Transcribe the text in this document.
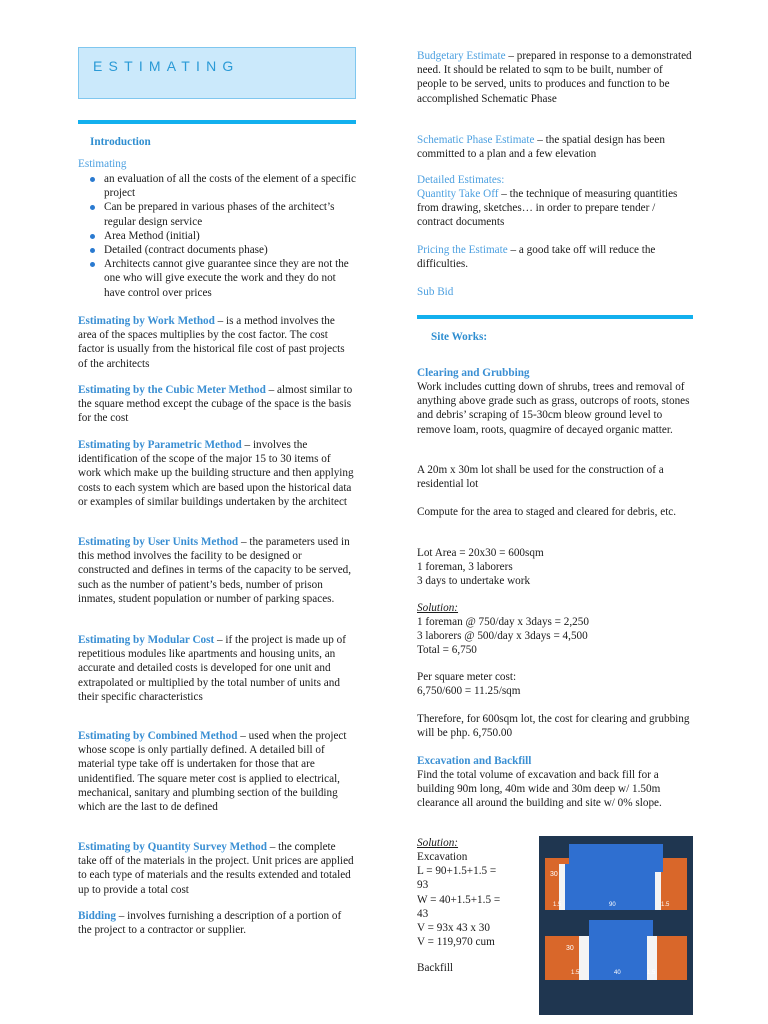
ESTIMATING
Introduction
Estimating
an evaluation of all the costs of the element of a specific project
Can be prepared in various phases of the architect’s regular design service
Area Method (initial)
Detailed (contract documents phase)
Architects cannot give guarantee since they are not the one who will give execute the work and they do not have control over prices

Estimating by Work Method – is a method involves the area of the spaces multiplies by the cost factor. The cost factor is usually from the historical file cost of past projects of the architects

Estimating by the Cubic Meter Method – almost similar to the square method except the cubage of the space is the basis for the cost

Estimating by Parametric Method – involves the identification of the scope of the major 15 to 30 items of work which make up the building structure and then applying costs to each system which are based upon the historical data or examples of similar buildings undertaken by the architect

Estimating by User Units Method – the parameters used in this method involves the facility to be designed or constructed and defines in terms of the capacity to be served, such as the number of patient’s beds, number of prison inmates, student population or number of parking spaces.

Estimating by Modular Cost – if the project is made up of repetitious modules like apartments and housing units, an accurate and detailed costs is developed for one unit and extrapolated or multiplied by the total number of units and their specific characteristics

Estimating by Combined Method – used when the project whose scope is only partially defined. A detailed bill of material type take off is undertaken for those that are unidentified. The square meter cost is applied to electrical, mechanical, sanitary and plumbing section of the building which are the last to de defined

Estimating by Quantity Survey Method – the complete take off of the materials in the project. Unit prices are applied to each type of materials and the results extended and totaled up to provide a total cost

Bidding – involves furnishing a description of a portion of the project to a contractor or supplier.

Budgetary Estimate – prepared in response to a demonstrated need. It should be related to sqm to be built, number of people to be served, units to produces and function to be accomplished Schematic Phase

Schematic Phase Estimate – the spatial design has been committed to a plan and a few elevation

Detailed Estimates:

Quantity Take Off – the technique of measuring quantities from drawing, sketches… in order to prepare tender / contract documents

Pricing the Estimate – a good take off will reduce the difficulties.

Sub Bid
Site Works:
Clearing and Grubbing

Work includes cutting down of shrubs, trees and removal of anything above grade such as grass, outcrops of roots, stones and debris’ scraping of 15-30cm bleow ground level to remove loam, roots, quagmire of decayed organic matter.

A 20m x 30m lot shall be used for the construction of a residential lot

Compute for the area to staged and cleared for debris, etc.

Lot Area = 20x30 = 600sqm
1 foreman, 3 laborers
3 days to undertake work
Solution:
1 foreman @ 750/day x 3days = 2,250
3 laborers @ 500/day x 3days = 4,500
Total = 6,750
Per square meter cost:
6,750/600 = 11.25/sqm

Therefore, for 600sqm lot, the cost for clearing and grubbing will be php. 6,750.00

Excavation and Backfill

Find the total volume of excavation and back fill for a building 90m long, 40m wide and 30m deep w/ 1.50m clearance all around the building and site w/ 0% slope.

Solution:
Excavation
L = 90+1.5+1.5 =
93
W = 40+1.5+1.5 =
43
V = 93x 43 x 30
V = 119,970 cum
Backfill
30
1.5	90	1.5
30
1.5	40	1.5
